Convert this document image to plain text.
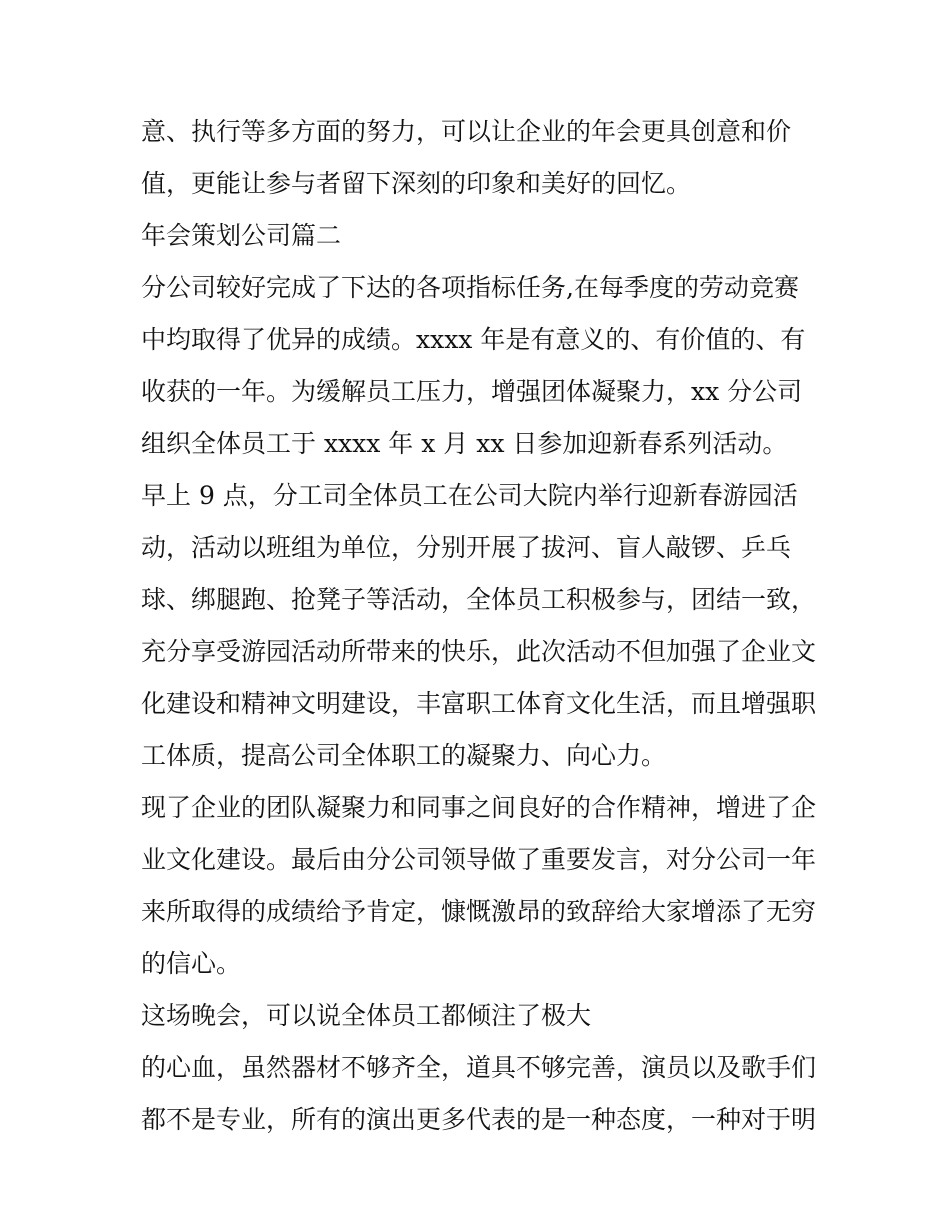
意、执行等多方面的努力，可以让企业的年会更具创意和价
值，更能让参与者留下深刻的印象和美好的回忆。
年会策划公司篇二
分公司较好完成了下达的各项指标任务,在每季度的劳动竞赛
中均取得了优异的成绩。xxxx 年是有意义的、有价值的、有
收获的一年。为缓解员工压力，增强团体凝聚力，xx 分公司
组织全体员工于 xxxx 年 x 月 xx 日参加迎新春系列活动。
早上 9 点，分工司全体员工在公司大院内举行迎新春游园活
动，活动以班组为单位，分别开展了拔河、盲人敲锣、乒乓
球、绑腿跑、抢凳子等活动，全体员工积极参与，团结一致，
充分享受游园活动所带来的快乐，此次活动不但加强了企业文
化建设和精神文明建设，丰富职工体育文化生活，而且增强职
工体质，提高公司全体职工的凝聚力、向心力。
现了企业的团队凝聚力和同事之间良好的合作精神，增进了企
业文化建设。最后由分公司领导做了重要发言，对分公司一年
来所取得的成绩给予肯定，慷慨激昂的致辞给大家增添了无穷
的信心。
这场晚会，可以说全体员工都倾注了极大
的心血，虽然器材不够齐全，道具不够完善，演员以及歌手们
都不是专业，所有的演出更多代表的是一种态度，一种对于明
